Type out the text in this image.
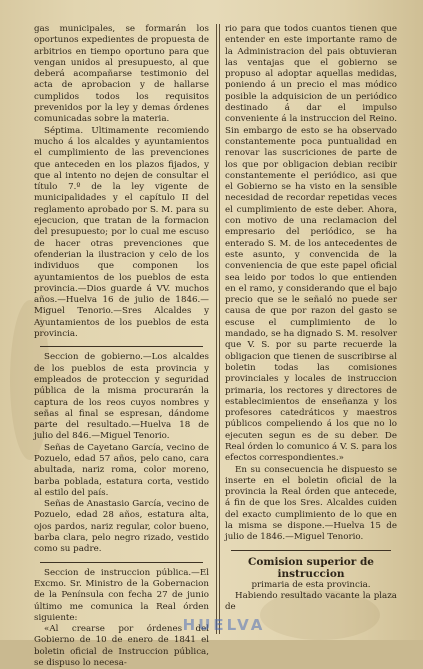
gas municipales, se formarán los oportunos expedientes de propuesta de arbitrios en tiempo oportuno para que vengan unidos al presupuesto, al que deberá acompañarse testimonio del acta de aprobacion y de hallarse cumplidos todos los requisitos prevenidos por la ley y demas órdenes comunicadas sobre la materia.

Séptima. Ultimamente recomiendo mucho á los alcaldes y ayuntamientos el cumplimiento de las prevenciones que anteceden en los plazos fijados, y que al intento no dejen de consultar el título 7.º de la ley vigente de municipalidades y el capítulo II del reglamento aprobado por S. M. para su ejecucion, que tratan de la formacion del presupuesto; por lo cual me escuso de hacer otras prevenciones que ofenderian la ilustracion y celo de los individuos que componen los ayuntamientos de los pueblos de esta provincia.—Dios guarde á VV. muchos años.—Huelva 16 de julio de 1846.—Miguel Tenorio.—Sres Alcaldes y Ayuntamientos de los pueblos de esta provincia.

Seccion de gobierno.—Los alcaldes de los pueblos de esta provincia y empleados de proteccion y seguridad pública de la misma procurarán la captura de los reos cuyos nombres y señas al final se espresan, dándome parte del resultado.—Huelva 18 de julio del 846.—Miguel Tenorio.

Señas de Cayetano García, vecino de Pozuelo, edad 57 años, pelo cano, cara abultada, nariz roma, color moreno, barba poblada, estatura corta, vestido al estilo del país.

Señas de Anastasio García, vecino de Pozuelo, edad 28 años, estatura alta, ojos pardos, nariz regular, color bueno, barba clara, pelo negro rizado, vestido como su padre.

Seccion de instruccion pública.—El Excmo. Sr. Ministro de la Gobernacion de la Península con fecha 27 de junio último me comunica la Real órden siguiente:

«Al crearse por órdenes del Gobierno de 10 de enero de 1841 el boletin oficial de Instruccion pública, se dispuso lo necesa-

rio para que todos cuantos tienen que entender en este importante ramo de la Administracion del pais obtuvieran las ventajas que el gobierno se propuso al adoptar aquellas medidas, poniendo á un precio el mas módico posible la adquisicion de un periódico destinado á dar el impulso conveniente á la instruccion del Reino. Sin embargo de esto se ha observado constantemente poca puntualidad en renovar las suscriciones de parte de los que por obligacion debian recibir constantemente el periódico, asi que el Gobierno se ha visto en la sensible necesidad de recordar repetidas veces el cumplimiento de este deber. Ahora, con motivo de una reclamacion del empresario del periódico, se ha enterado S. M. de los antecedentes de este asunto, y convencida de la conveniencia de que este papel oficial sea leido por todos lo que entienden en el ramo, y considerando que el bajo precio que se le señaló no puede ser causa de que por razon del gasto se escuse el cumplimiento de lo mandado, se ha dignado S. M. resolver que V. S. por su parte recuerde la obligacion que tienen de suscribirse al boletin todas las comisiones provinciales y locales de instruccion primaria, los rectores y directores de establecimientos de enseñanza y los profesores catedráticos y maestros públicos compeliendo á los que no lo ejecuten segun es de su deber. De Real órden lo comunico á V. S. para los efectos correspondientes.»

En su consecuencia he dispuesto se inserte en el boletin oficial de la provincia la Real órden que antecede, á fin de que los Sres. Alcaldes cuiden del exacto cumplimiento de lo que en la misma se dispone.—Huelva 15 de julio de 1846.—Miguel Tenorio.

Comision superior de instruccion

primaria de esta provincia.

Habiendo resultado vacante la plaza de

HUELVA
